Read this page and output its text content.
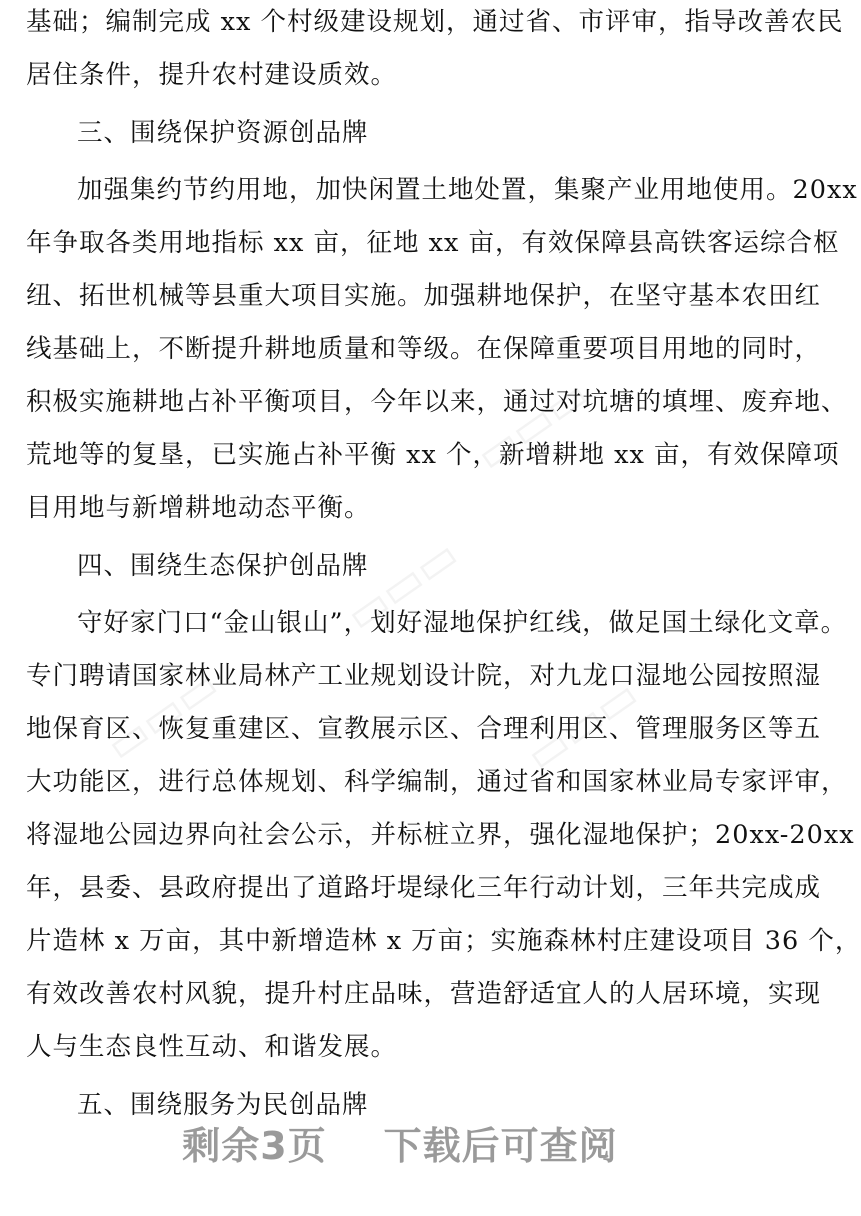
▭▭▭
▭▭▭
▭▭▭	▭▭▭
基础；编制完成 xx 个村级建设规划，通过省、市评审，指导改善农民
居住条件，提升农村建设质效。
三、围绕保护资源创品牌
加强集约节约用地，加快闲置土地处置，集聚产业用地使用。20xx
年争取各类用地指标 xx 亩，征地 xx 亩，有效保障县高铁客运综合枢
纽、拓世机械等县重大项目实施。加强耕地保护，在坚守基本农田红
线基础上，不断提升耕地质量和等级。在保障重要项目用地的同时，
积极实施耕地占补平衡项目，今年以来，通过对坑塘的填埋、废弃地、
荒地等的复垦，已实施占补平衡 xx 个，新增耕地 xx 亩，有效保障项
目用地与新增耕地动态平衡。
四、围绕生态保护创品牌
守好家门口“金山银山”，划好湿地保护红线，做足国土绿化文章。
专门聘请国家林业局林产工业规划设计院，对九龙口湿地公园按照湿
地保育区、恢复重建区、宣教展示区、合理利用区、管理服务区等五
大功能区，进行总体规划、科学编制，通过省和国家林业局专家评审，
将湿地公园边界向社会公示，并标桩立界，强化湿地保护；20xx-20xx
年，县委、县政府提出了道路圩堤绿化三年行动计划，三年共完成成
片造林 x 万亩，其中新增造林 x 万亩；实施森林村庄建设项目 36 个，
有效改善农村风貌，提升村庄品味，营造舒适宜人的人居环境，实现
人与生态良性互动、和谐发展。
五、围绕服务为民创品牌
剩余3页
下载后可查阅
